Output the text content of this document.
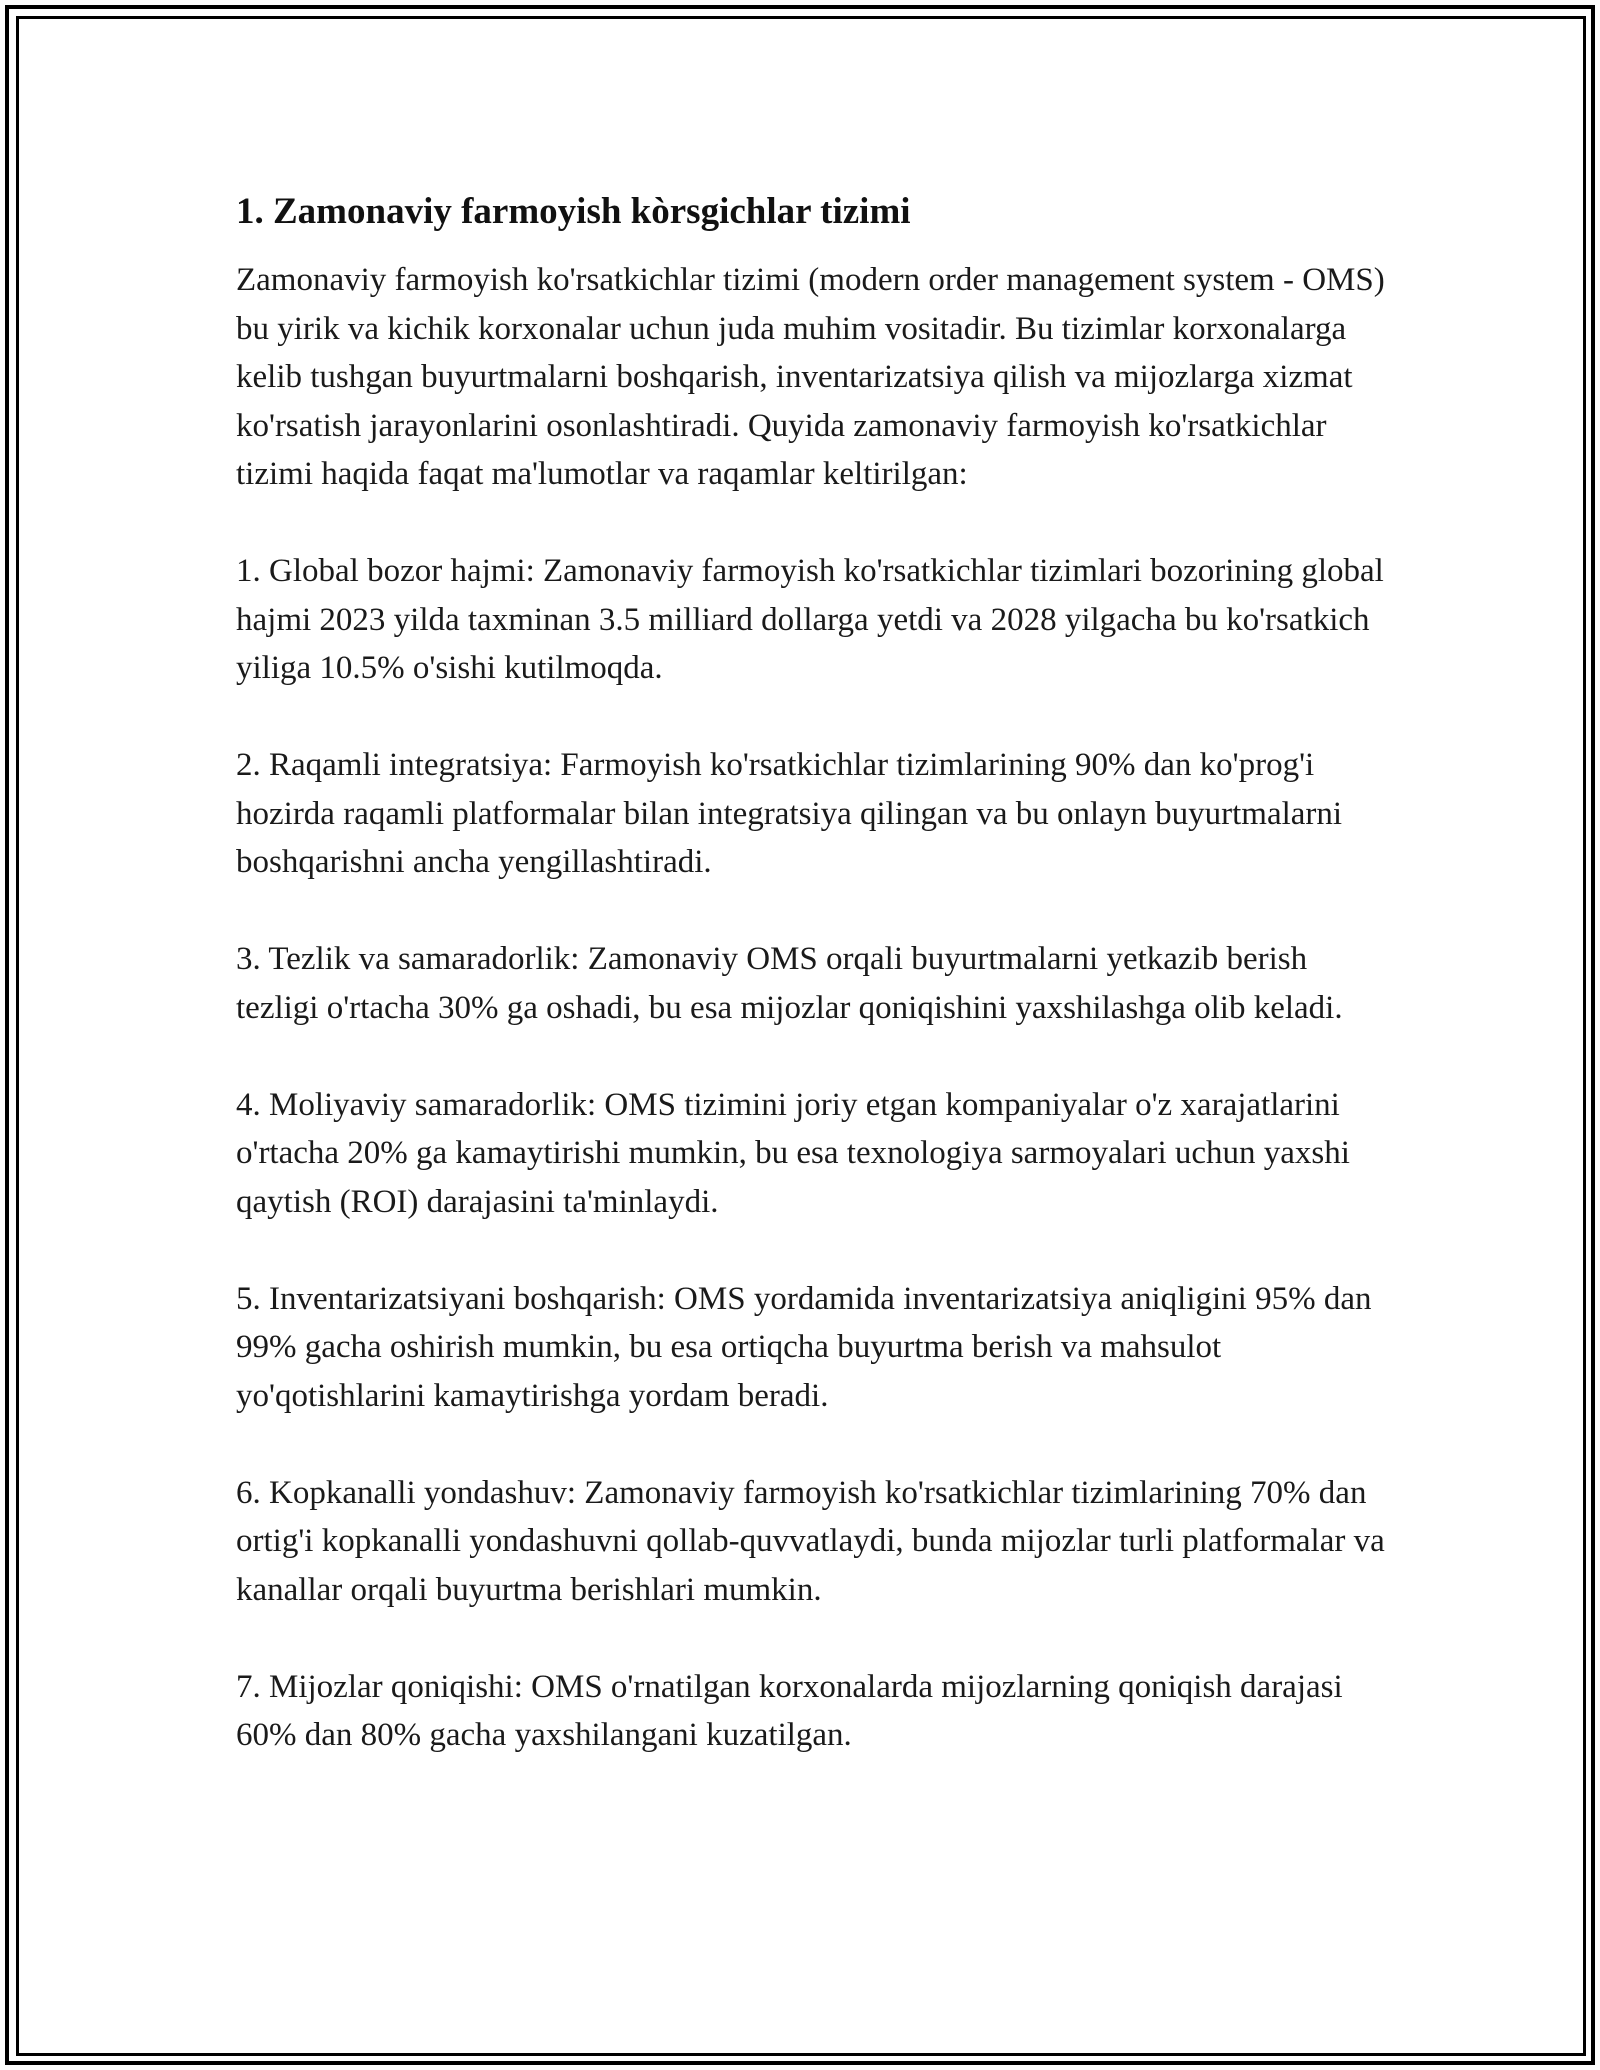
1. Zamonaviy farmoyish kòrsgichlar tizimi

Zamonaviy farmoyish ko'rsatkichlar tizimi (modern order management system - OMS) bu yirik va kichik korxonalar uchun juda muhim vositadir. Bu tizimlar korxonalarga kelib tushgan buyurtmalarni boshqarish, inventarizatsiya qilish va mijozlarga xizmat ko'rsatish jarayonlarini osonlashtiradi. Quyida zamonaviy farmoyish ko'rsatkichlar tizimi haqida faqat ma'lumotlar va raqamlar keltirilgan:

1. Global bozor hajmi: Zamonaviy farmoyish ko'rsatkichlar tizimlari bozorining global hajmi 2023 yilda taxminan 3.5 milliard dollarga yetdi va 2028 yilgacha bu ko'rsatkich yiliga 10.5% o'sishi kutilmoqda.

2. Raqamli integratsiya: Farmoyish ko'rsatkichlar tizimlarining 90% dan ko'prog'i hozirda raqamli platformalar bilan integratsiya qilingan va bu onlayn buyurtmalarni boshqarishni ancha yengillashtiradi.

3. Tezlik va samaradorlik: Zamonaviy OMS orqali buyurtmalarni yetkazib berish tezligi o'rtacha 30% ga oshadi, bu esa mijozlar qoniqishini yaxshilashga olib keladi.

4. Moliyaviy samaradorlik: OMS tizimini joriy etgan kompaniyalar o'z xarajatlarini o'rtacha 20% ga kamaytirishi mumkin, bu esa texnologiya sarmoyalari uchun yaxshi qaytish (ROI) darajasini ta'minlaydi.

5. Inventarizatsiyani boshqarish: OMS yordamida inventarizatsiya aniqligini 95% dan 99% gacha oshirish mumkin, bu esa ortiqcha buyurtma berish va mahsulot yo'qotishlarini kamaytirishga yordam beradi.

6. Kopkanalli yondashuv: Zamonaviy farmoyish ko'rsatkichlar tizimlarining 70% dan ortig'i kopkanalli yondashuvni qollab-quvvatlaydi, bunda mijozlar turli platformalar va kanallar orqali buyurtma berishlari mumkin.

7. Mijozlar qoniqishi: OMS o'rnatilgan korxonalarda mijozlarning qoniqish darajasi 60% dan 80% gacha yaxshilangani kuzatilgan.
